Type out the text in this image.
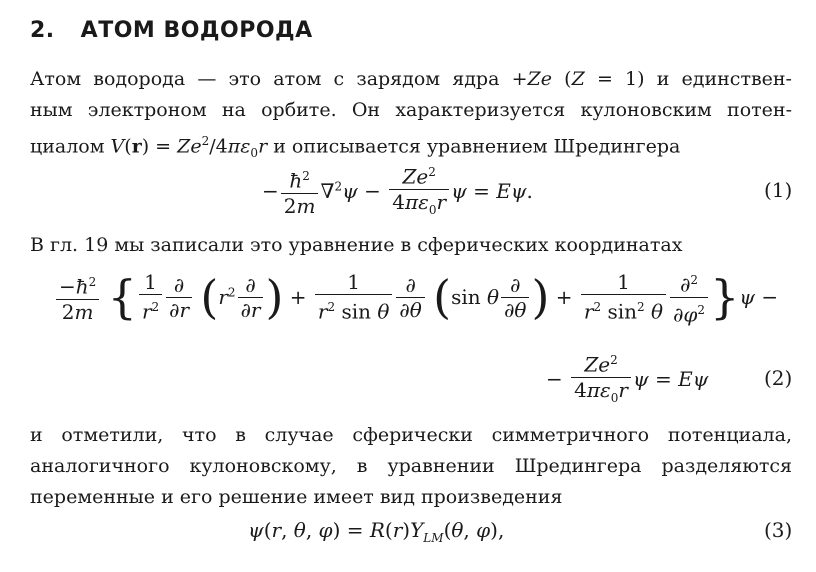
2. АТОМ ВОДОРОДА
Атом водорода — это атом с зарядом ядра +Ze (Z = 1) и единствен-
ным электроном на орбите. Он характеризуется кулоновским потен-
циалом $V(r) = Ze^2/4\pi\varepsilon_0r$ и описывается уравнением Шредингера
− $\frac{ħ^2}{2m} \nabla^2\psi - \frac{Ze^2}{4\pi\varepsilon_0r}$ ψ = Eψ.	(1)
В гл. 19 мы записали это уравнение в сферических координатах
$\frac{-ħ^2}{2m}$ { $\frac{1}{r^2} \frac{\partial}{\partial r} (r^2 \frac{\partial}{\partial r}$ ) + $\frac{1}{r^2 \sin \theta} \frac{\partial}{\partial\theta} (\sin$ θ $\frac{\partial}{\partial\theta}$ ) + $\frac{1}{r^2 \sin^2 \theta} \frac{\partial^2}{\partial\varphi^2} \}\psi$ −
− $\frac{Ze^2}{4\pi\varepsilon_0r}$ ψ = Eψ	(2)
и отметили, что в случае сферически симметричного потенциала,
аналогичного кулоновскому, в уравнении Шредингера разделяются
переменные и его решение имеет вид произведения
ψ(r, θ, $\varphi) = R(r)Y_{LM}(\theta$, φ),	(3)
